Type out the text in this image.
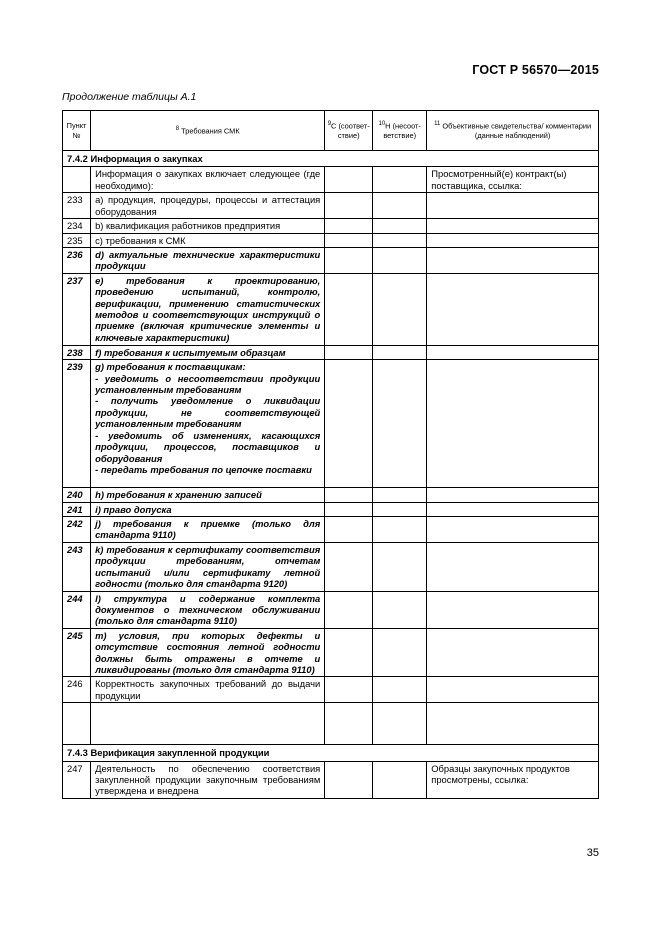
ГОСТ Р 56570—2015
Продолжение таблицы А.1
Пункт №	$^8$ Требования СМК	$^9$С (соответ-ствие)	$^{10}$Н (несоот-ветствие)	$^{11}$ Объективные свидетельства/ комментарии (данные наблюдений)
7.4.2 Информация о закупках				
	Информация о закупках включает следующее (где необходимо):			Просмотренный(е) контракт(ы) поставщика, ссылка:
233	a) продукция, процедуры, процессы и аттестация оборудования			
234	b) квалификация работников предприятия			
235	c) требования к СМК			
236	d) актуальные технические характеристики продукции			
237	e) требования к проектированию, проведению испытаний, контролю, верификации, применению статистических методов и соответствующих инструкций о приемке (включая критические элементы и ключевые характеристики)			
238	f) требования к испытуемым образцам			
239	g) требования к поставщикам:
- уведомить о несоответствии продукции установленным требованиям
- получить уведомление о ликвидации продукции, не соответствующей установленным требованиям
- уведомить об изменениях, касающихся продукции, процессов, поставщиков и оборудования
- передать требования по цепочке поставки			

240	h) требования к хранению записей			
241	i) право допуска			
242	j) требования к приемке (только для стандарта 9110)			
243	k) требования к сертификату соответствия продукции требованиям, отчетам испытаний и/или сертификату летной годности (только для стандарта 9120)			
244	l) структура и содержание комплекта документов о техническом обслуживании (только для стандарта 9110)			
245	m) условия, при которых дефекты и отсутствие состояния летной годности должны быть отражены в отчете и ликвидированы (только для стандарта 9110)			
246	Корректность закупочных требований до выдачи продукции			

7.4.3 Верификация закупленной продукции				
247	Деятельность по обеспечению соответствия закупленной продукции закупочным требованиям утверждена и внедрена			Образцы закупочных продуктов просмотрены, ссылка:
35
